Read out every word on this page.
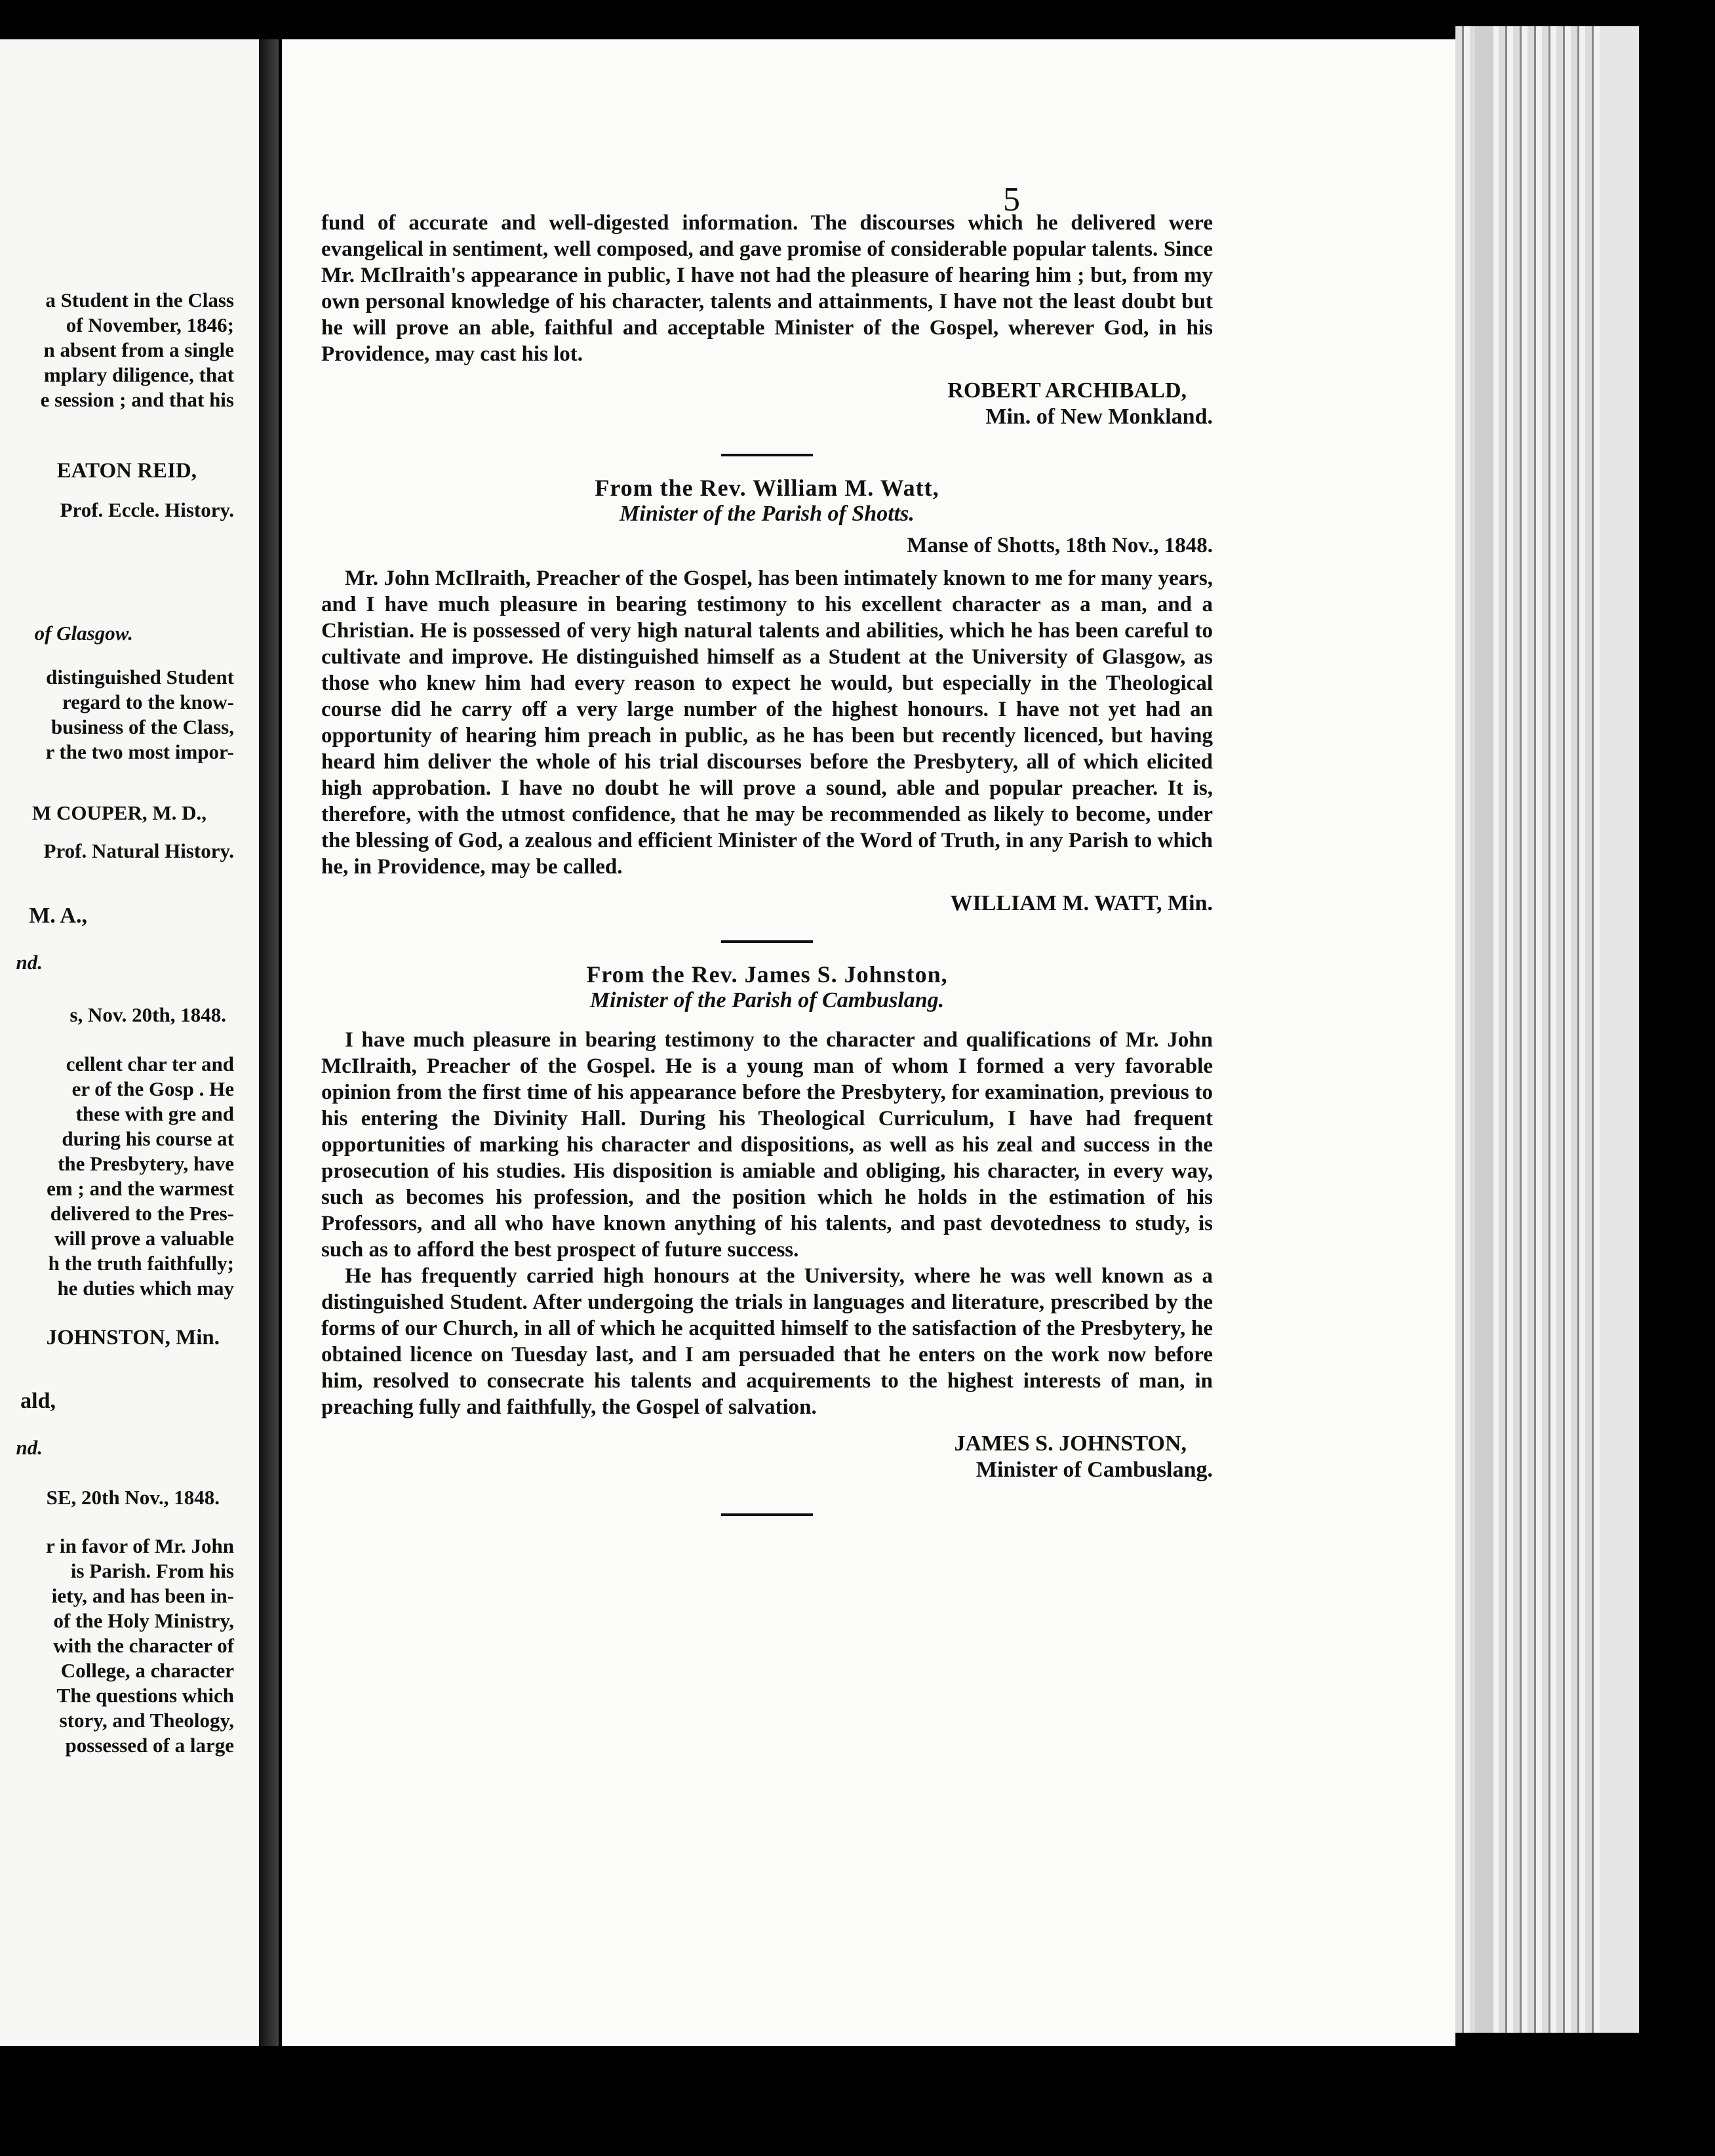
a Student in the Class
of November, 1846;
n absent from a single
mplary diligence, that
e session ; and that his
EATON REID,
Prof. Eccle. History.
of Glasgow.
distinguished Student
regard to the know-
business of the Class,
r the two most impor-
M COUPER, M. D.,
Prof. Natural History.
M. A.,
nd.
s, Nov. 20th, 1848.
cellent char ter and
er of the Gosp . He
these with gre and
during his course at
the Presbytery, have
em ; and the warmest
delivered to the Pres-
will prove a valuable
h the truth faithfully;
he duties which may
JOHNSTON, Min.
ald,
nd.
SE, 20th Nov., 1848.
r in favor of Mr. John
is Parish. From his
iety, and has been in-
of the Holy Ministry,
with the character of
College, a character
The questions which
story, and Theology,
possessed of a large
5

fund of accurate and well-digested information. The discourses which he delivered were evangelical in sentiment, well composed, and gave promise of considerable popular talents. Since Mr. McIlraith's appearance in public, I have not had the pleasure of hearing him ; but, from my own personal knowledge of his character, talents and attainments, I have not the least doubt but he will prove an able, faithful and acceptable Minister of the Gospel, wherever God, in his Providence, may cast his lot.

ROBERT ARCHIBALD,
Min. of New Monkland.
From the Rev. William M. Watt,
Minister of the Parish of Shotts.
Manse of Shotts, 18th Nov., 1848.

Mr. John McIlraith, Preacher of the Gospel, has been intimately known to me for many years, and I have much pleasure in bearing testimony to his excellent character as a man, and a Christian. He is possessed of very high natural talents and abilities, which he has been careful to cultivate and improve. He distinguished himself as a Student at the University of Glasgow, as those who knew him had every reason to expect he would, but especially in the Theological course did he carry off a very large number of the highest honours. I have not yet had an opportunity of hearing him preach in public, as he has been but recently licenced, but having heard him deliver the whole of his trial discourses before the Presbytery, all of which elicited high approbation. I have no doubt he will prove a sound, able and popular preacher. It is, therefore, with the utmost confidence, that he may be recommended as likely to become, under the blessing of God, a zealous and efficient Minister of the Word of Truth, in any Parish to which he, in Providence, may be called.

WILLIAM M. WATT, Min.
From the Rev. James S. Johnston,
Minister of the Parish of Cambuslang.

I have much pleasure in bearing testimony to the character and qualifications of Mr. John McIlraith, Preacher of the Gospel. He is a young man of whom I formed a very favorable opinion from the first time of his appearance before the Presbytery, for examination, previous to his entering the Divinity Hall. During his Theological Curriculum, I have had frequent opportunities of marking his character and dispositions, as well as his zeal and success in the prosecution of his studies. His disposition is amiable and obliging, his character, in every way, such as becomes his profession, and the position which he holds in the estimation of his Professors, and all who have known anything of his talents, and past devotedness to study, is such as to afford the best prospect of future success.

He has frequently carried high honours at the University, where he was well known as a distinguished Student. After undergoing the trials in languages and literature, prescribed by the forms of our Church, in all of which he acquitted himself to the satisfaction of the Presbytery, he obtained licence on Tuesday last, and I am persuaded that he enters on the work now before him, resolved to consecrate his talents and acquirements to the highest interests of man, in preaching fully and faithfully, the Gospel of salvation.

JAMES S. JOHNSTON,
Minister of Cambuslang.
